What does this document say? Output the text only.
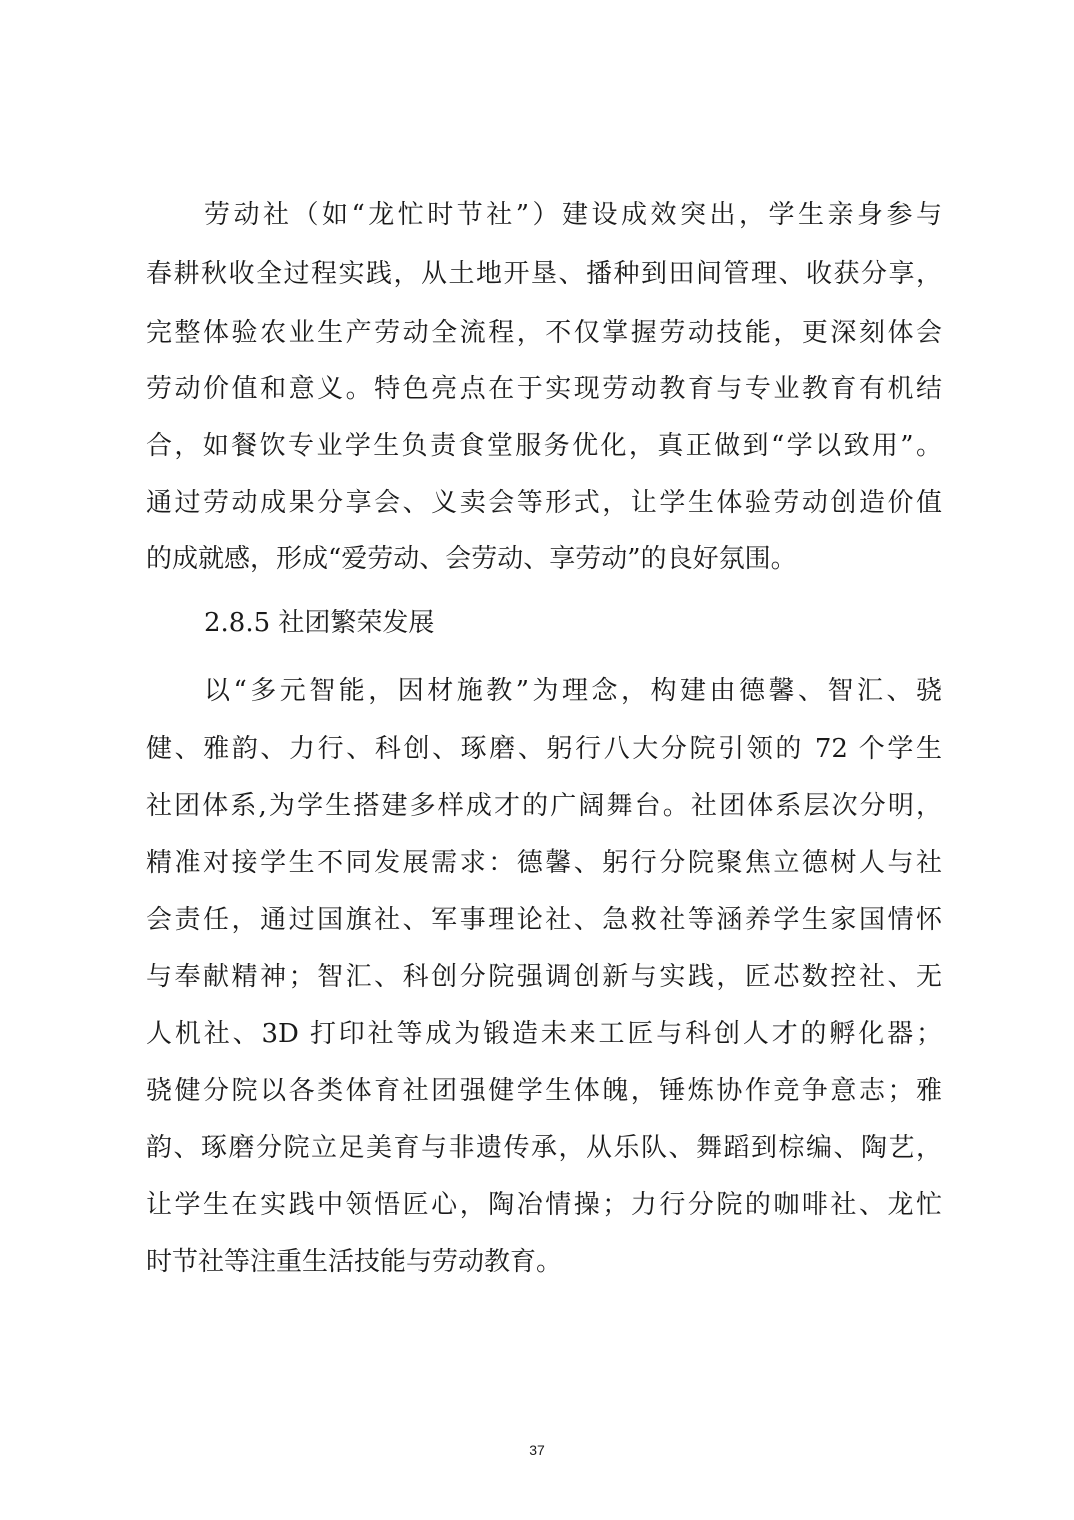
劳动社（如“龙忙时节社”）建设成效突出，学生亲身参与
春耕秋收全过程实践，从土地开垦、播种到田间管理、收获分享，
完整体验农业生产劳动全流程，不仅掌握劳动技能，更深刻体会
劳动价值和意义。特色亮点在于实现劳动教育与专业教育有机结
合，如餐饮专业学生负责食堂服务优化，真正做到“学以致用”。
通过劳动成果分享会、义卖会等形式，让学生体验劳动创造价值
的成就感，形成“爱劳动、会劳动、享劳动”的良好氛围。
2.8.5 社团繁荣发展
以“多元智能，因材施教”为理念，构建由德馨、智汇、骁
健、雅韵、力行、科创、琢磨、躬行八大分院引领的 72 个学生
社团体系,为学生搭建多样成才的广阔舞台。社团体系层次分明，
精准对接学生不同发展需求：德馨、躬行分院聚焦立德树人与社
会责任，通过国旗社、军事理论社、急救社等涵养学生家国情怀
与奉献精神；智汇、科创分院强调创新与实践，匠芯数控社、无
人机社、3D 打印社等成为锻造未来工匠与科创人才的孵化器；
骁健分院以各类体育社团强健学生体魄，锤炼协作竞争意志；雅
韵、琢磨分院立足美育与非遗传承，从乐队、舞蹈到棕编、陶艺，
让学生在实践中领悟匠心，陶冶情操；力行分院的咖啡社、龙忙
时节社等注重生活技能与劳动教育。
37
